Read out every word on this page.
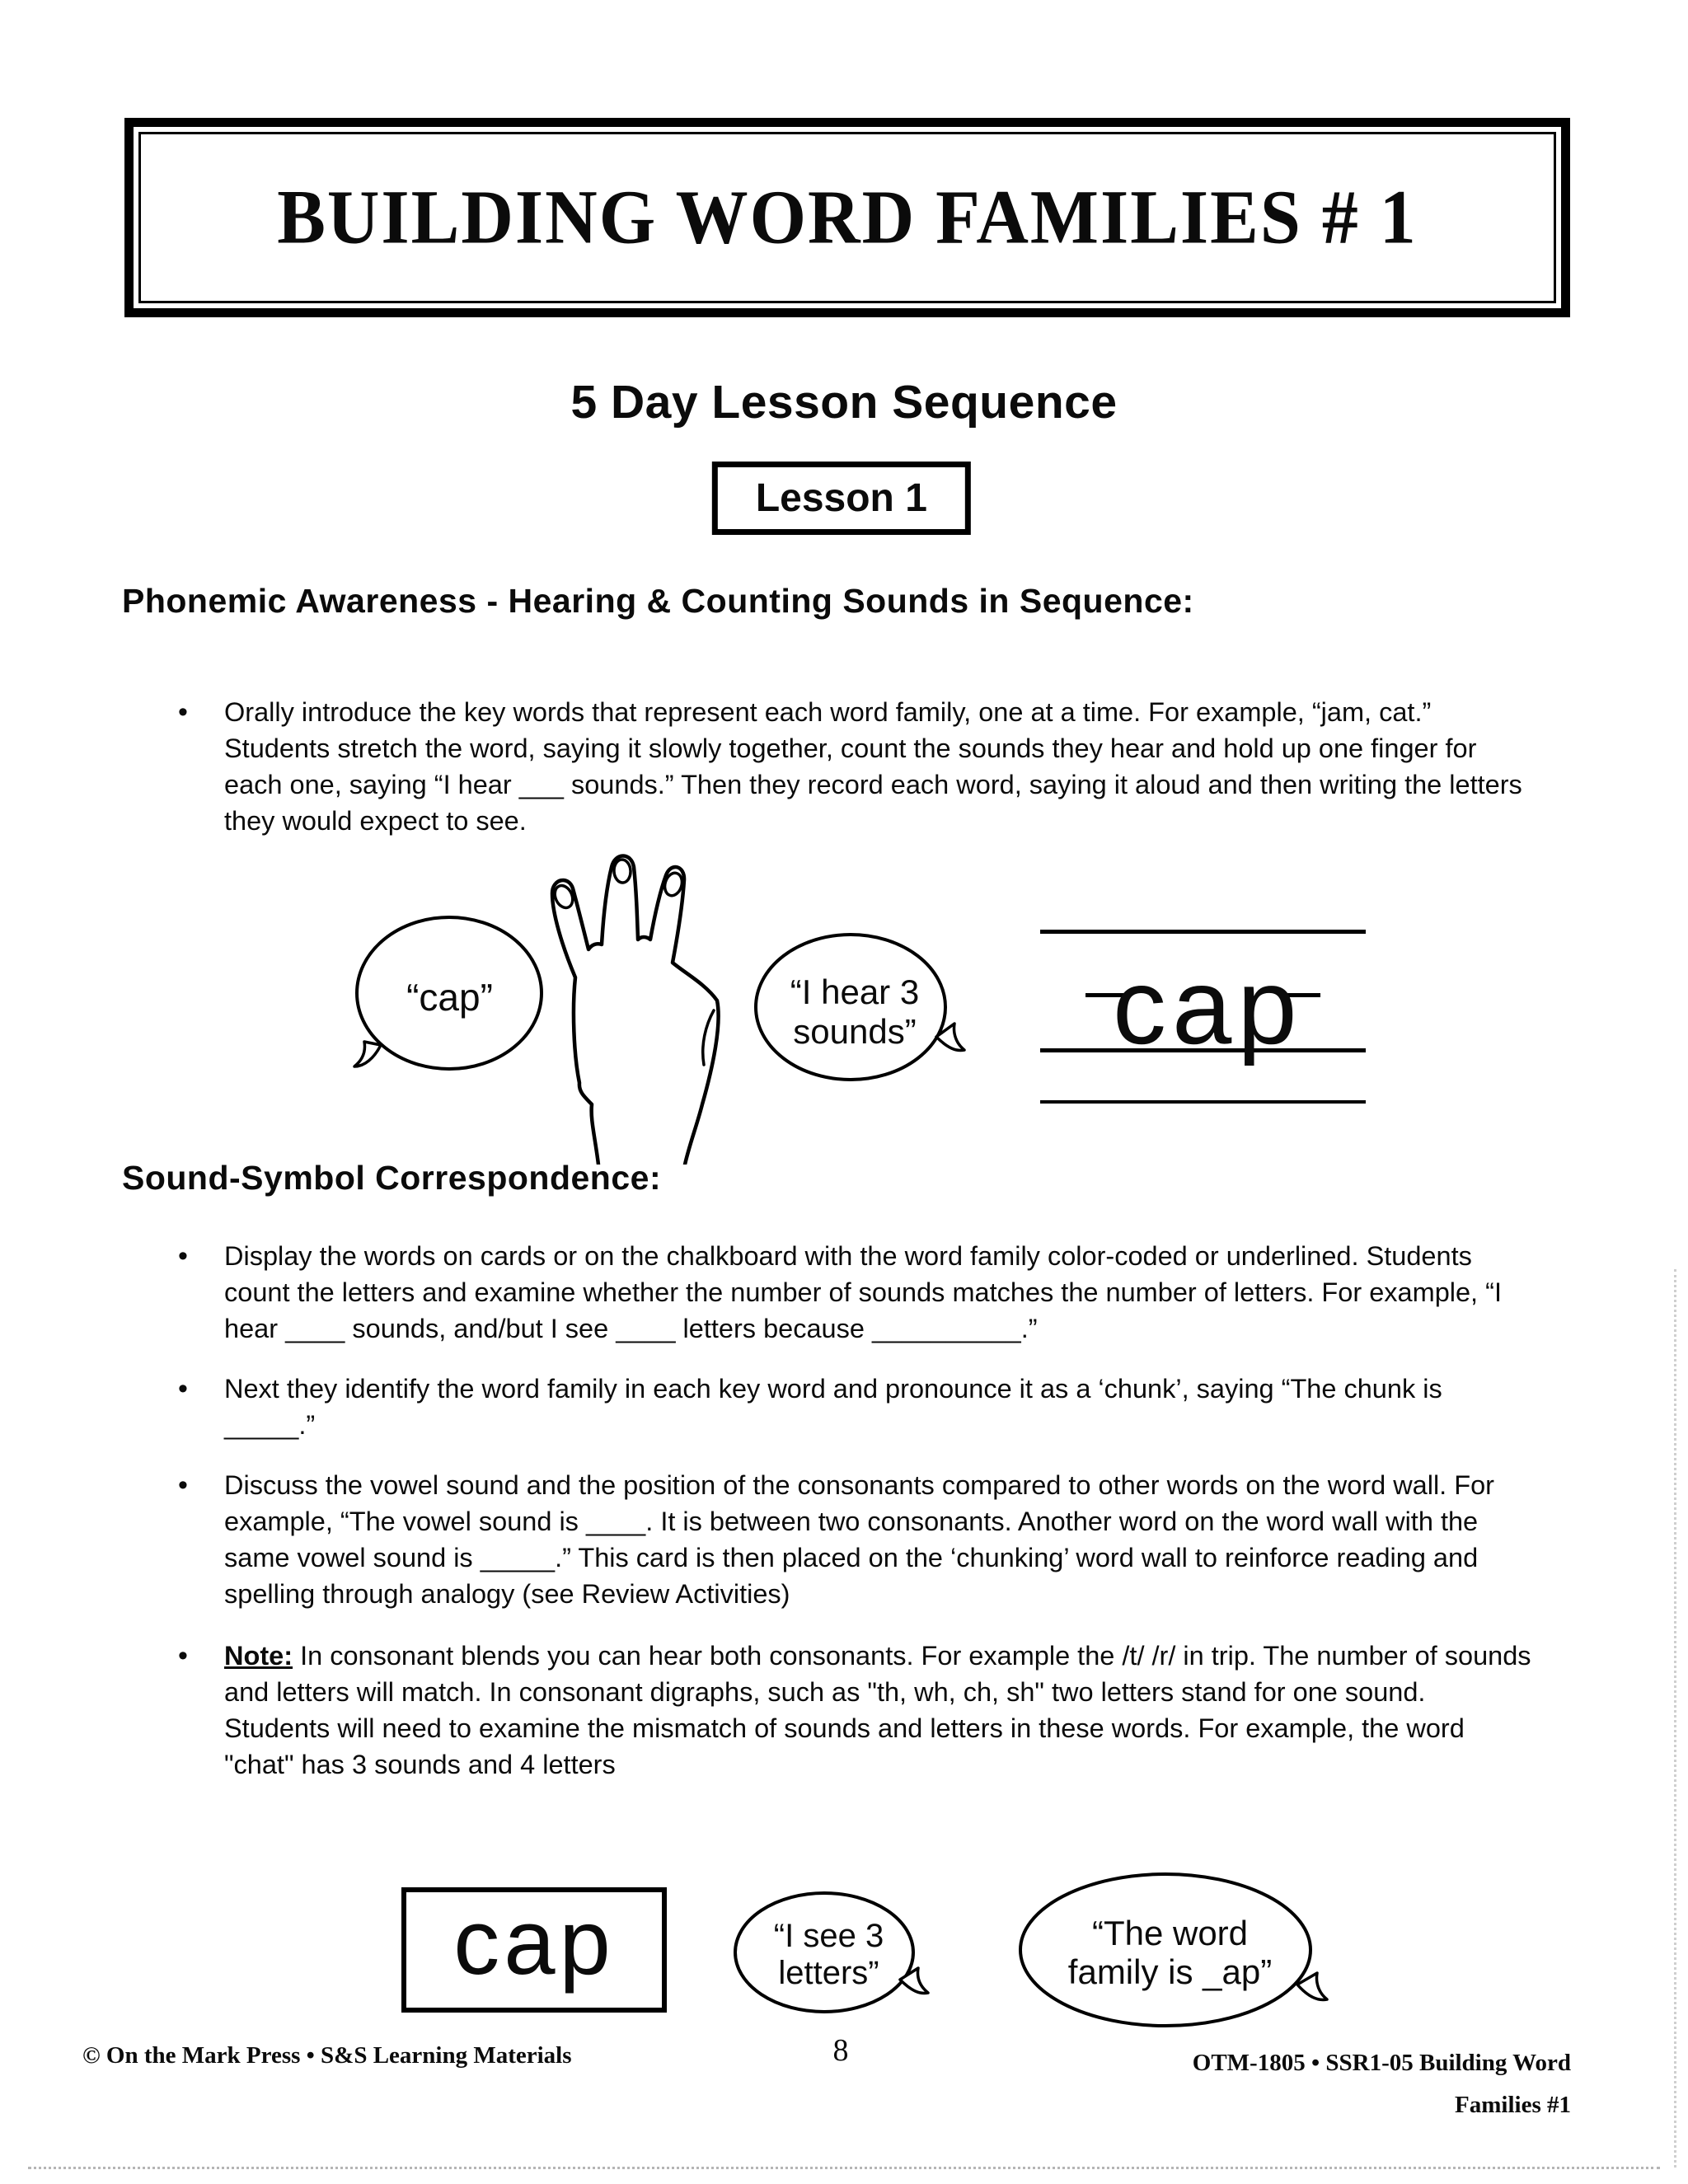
BUILDING WORD FAMILIES # 1
5 Day Lesson Sequence
Lesson 1
Phonemic Awareness - Hearing & Counting Sounds in Sequence:
•	Orally introduce the key words that represent each word family, one at a time. For example, “jam, cat.” Students stretch the word, saying it slowly together, count the sounds they hear and hold up one finger for each one, saying “I hear ___ sounds.” Then they record each word, saying it aloud and then writing the letters they would expect to see.

“cap”	“I hear 3
sounds” cap
Sound-Symbol Correspondence:
•	Display the words on cards or on the chalkboard with the word family color-coded or underlined. Students count the letters and examine whether the number of sounds matches the number of letters. For example, “I hear ____ sounds, and/but I see ____ letters because __________.”

•	Next they identify the word family in each key word and pronounce it as a ‘chunk’, saying “The chunk is _____.”

•	Discuss the vowel sound and the position of the consonants compared to other words on the word wall. For example, “The vowel sound is ____. It is between two consonants. Another word on the word wall with the same vowel sound is _____.” This card is then placed on the ‘chunking’ word wall to reinforce reading and spelling through analogy (see Review Activities)

•	Note: In consonant blends you can hear both consonants. For example the /t/ /r/ in trip. The number of sounds and letters will match. In consonant digraphs, such as "th, wh, ch, sh" two letters stand for one sound. Students will need to examine the mismatch of sounds and letters in these words. For example, the word "chat" has 3 sounds and 4 letters

cap	“I see 3
letters”
“The word
family is _ap”
© On the Mark Press • S&S Learning Materials	8	OTM-1805 • SSR1-05 Building Word
Families #1
